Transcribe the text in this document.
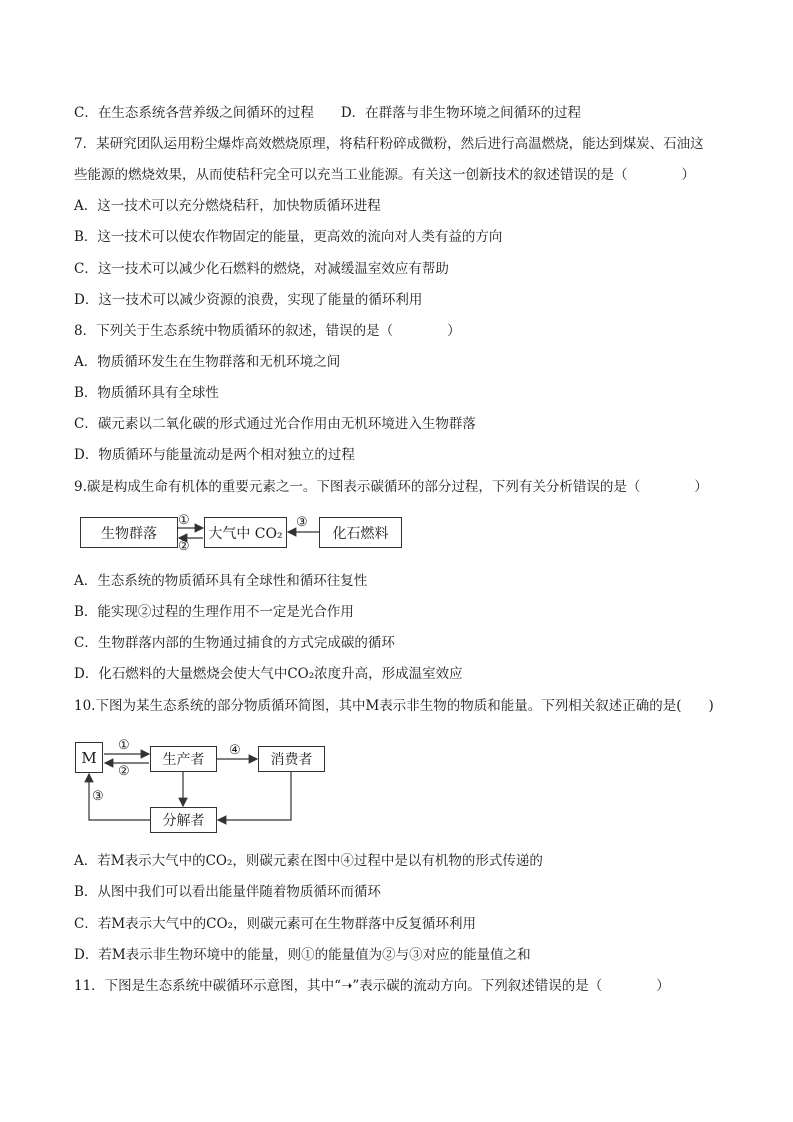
C．在生态系统各营养级之间循环的过程　　D．在群落与非生物环境之间循环的过程
7．某研究团队运用粉尘爆炸高效燃烧原理，将秸秆粉碎成微粉，然后进行高温燃烧，能达到煤炭、石油这
些能源的燃烧效果，从而使秸秆完全可以充当工业能源。有关这一创新技术的叙述错误的是（　　　　）
A．这一技术可以充分燃烧秸秆，加快物质循环进程
B．这一技术可以使农作物固定的能量，更高效的流向对人类有益的方向
C．这一技术可以减少化石燃料的燃烧，对减缓温室效应有帮助
D．这一技术可以减少资源的浪费，实现了能量的循环利用
8．下列关于生态系统中物质循环的叙述，错误的是（　　　　）
A．物质循环发生在生物群落和无机环境之间
B．物质循环具有全球性
C．碳元素以二氧化碳的形式通过光合作用由无机环境进入生物群落
D．物质循环与能量流动是两个相对独立的过程
9.碳是构成生命有机体的重要元素之一。下图表示碳循环的部分过程，下列有关分析错误的是（　　　　）
生物群落	大气中 CO₂	化石燃料
①
②
③
A．生态系统的物质循环具有全球性和循环往复性
B．能实现②过程的生理作用不一定是光合作用
C．生物群落内部的生物通过捕食的方式完成碳的循环
D．化石燃料的大量燃烧会使大气中CO₂浓度升高，形成温室效应
10.下图为某生态系统的部分物质循环简图，其中M表示非生物的物质和能量。下列相关叙述正确的是(　　)
M	生产者	消费者
分解者
①
②
③
④
A．若M表示大气中的CO₂，则碳元素在图中④过程中是以有机物的形式传递的
B．从图中我们可以看出能量伴随着物质循环而循环
C．若M表示大气中的CO₂，则碳元素可在生物群落中反复循环利用
D．若M表示非生物环境中的能量，则①的能量值为②与③对应的能量值之和
11．下图是生态系统中碳循环示意图，其中“➝”表示碳的流动方向。下列叙述错误的是（　　　　）
